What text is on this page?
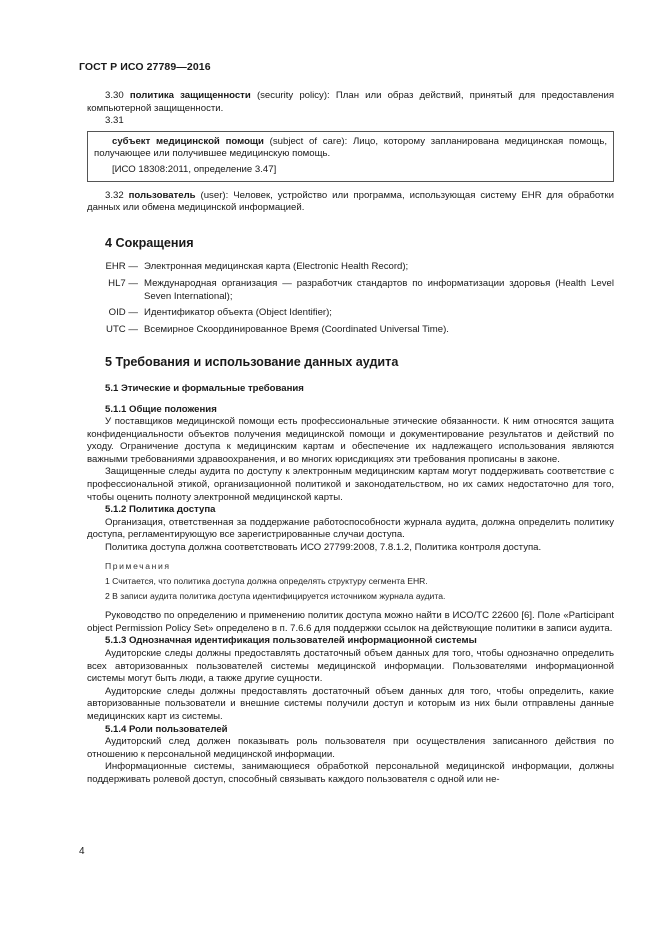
ГОСТ Р ИСО 27789—2016

3.30 политика защищенности (security policy): План или образ действий, принятый для предоставления компьютерной защищенности.

3.31

субъект медицинской помощи (subject of care): Лицо, которому запланирована медицинская помощь, получающее или получившее медицинскую помощь.

[ИСО 18308:2011, определение 3.47]

3.32 пользователь (user): Человек, устройство или программа, использующая систему EHR для обработки данных или обмена медицинской информацией.

4 Сокращения
EHR — Электронная медицинская карта (Electronic Health Record);
HL7 — Международная организация — разработчик стандартов по информатизации здоровья (Health Level Seven International);
OID — Идентификатор объекта (Object Identifier);
UTC — Всемирное Скоординированное Время (Coordinated Universal Time).
5 Требования и использование данных аудита
5.1 Этические и формальные требования
5.1.1 Общие положения

У поставщиков медицинской помощи есть профессиональные этические обязанности. К ним относятся защита конфиденциальности объектов получения медицинской помощи и документирование результатов и действий по уходу. Ограничение доступа к медицинским картам и обеспечение их надлежащего использования являются важными требованиями здравоохранения, и во многих юрисдикциях эти требования прописаны в законе.

Защищенные следы аудита по доступу к электронным медицинским картам могут поддерживать соответствие с профессиональной этикой, организационной политикой и законодательством, но их самих недостаточно для того, чтобы оценить полноту электронной медицинской карты.

5.1.2 Политика доступа

Организация, ответственная за поддержание работоспособности журнала аудита, должна определить политику доступа, регламентирующую все зарегистрированные случаи доступа.

Политика доступа должна соответствовать ИСО 27799:2008, 7.8.1.2, Политика контроля доступа.

Примечания
1 Считается, что политика доступа должна определять структуру сегмента EHR.
2 В записи аудита политика доступа идентифицируется источником журнала аудита.

Руководство по определению и применению политик доступа можно найти в ИСО/ТС 22600 [6]. Поле «Participant object Permission Policy Set» определено в п. 7.6.6 для поддержки ссылок на действующие политики в записи аудита.

5.1.3 Однозначная идентификация пользователей информационной системы

Аудиторские следы должны предоставлять достаточный объем данных для того, чтобы однозначно определить всех авторизованных пользователей системы медицинской информации. Пользователями информационной системы могут быть люди, а также другие сущности.

Аудиторские следы должны предоставлять достаточный объем данных для того, чтобы определить, какие авторизованные пользователи и внешние системы получили доступ и которым из них были отправлены данные медицинских карт из системы.

5.1.4 Роли пользователей

Аудиторский след должен показывать роль пользователя при осуществления записанного действия по отношению к персональной медицинской информации.

Информационные системы, занимающиеся обработкой персональной медицинской информации, должны поддерживать ролевой доступ, способный связывать каждого пользователя с одной или не-

4
